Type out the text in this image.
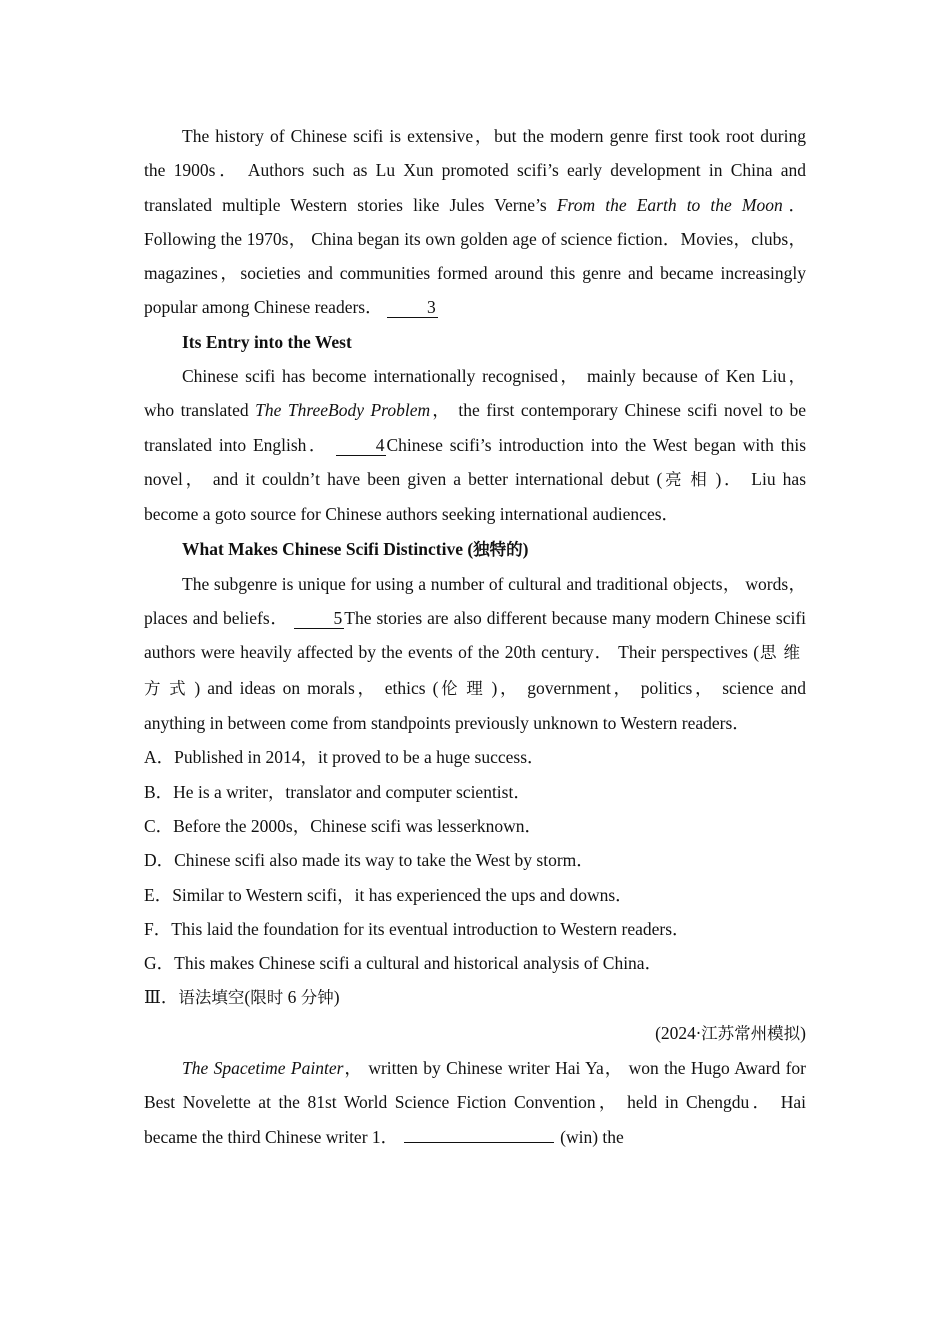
The history of Chinese scifi is extensive，but the modern genre first took root during the 1900s． Authors such as Lu Xun promoted scifi’s early development in China and translated multiple Western stories like Jules Verne’s From the Earth to the Moon． Following the 1970s， China began its own golden age of science fiction．Movies，clubs，magazines，societies and communities formed around this genre and became increasingly popular among Chinese readers．	3

Its Entry into the West

Chinese scifi has become internationally recognised， mainly because of Ken Liu， who translated The ThreeBody Problem， the first contemporary Chinese scifi novel to be translated into English．	4 Chinese scifi’s introduction into the West began with this novel， and it couldn’t have been given a better international debut (亮相)． Liu has become a goto source for Chinese authors seeking international audiences．

What Makes Chinese Scifi Distinctive (独特的)

The subgenre is unique for using a number of cultural and traditional objects， words， places and beliefs．	5 The stories are also different because many modern Chinese scifi authors were heavily affected by the events of the 20th century． Their perspectives (思维方式) and ideas on morals， ethics (伦理)， government， politics， science and anything in between come from standpoints previously unknown to Western readers．

A．Published in 2014，it proved to be a huge success．

B．He is a writer，translator and computer scientist．

C．Before the 2000s，Chinese scifi was lesserknown．

D．Chinese scifi also made its way to take the West by storm．

E．Similar to Western scifi，it has experienced the ups and downs．

F．This laid the foundation for its eventual introduction to Western readers．

G．This makes Chinese scifi a cultural and historical analysis of China．

Ⅲ．语法填空(限时 6 分钟)

(2024·江苏常州模拟)

The Spacetime Painter， written by Chinese writer Hai Ya， won the Hugo Award for Best Novelette at the 81st World Science Fiction Convention， held in Chengdu． Hai became the third Chinese writer 1．	(win) the
